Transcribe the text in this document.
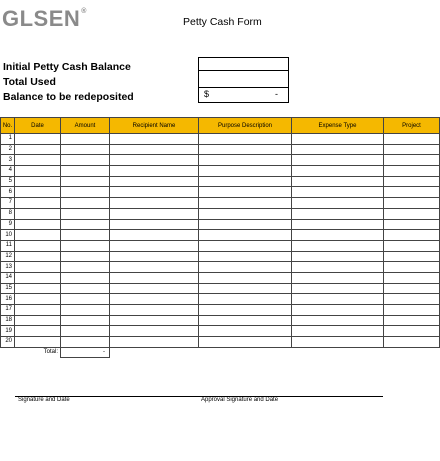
GLSEN®
Petty Cash Form
Initial Petty Cash Balance
Total Used
Balance to be redeposited	$	-
No.	Date	Amount	Recipient Name	Purpose Description	Expense Type	Project
1						
2						
3						
4						
5						
6						
7						
8						
9						
10						
11						
12						
13						
14						
15						
16						
17						
18						
19						
20						
	Total:	-				
Signature and Date	Approval Signature and Date
